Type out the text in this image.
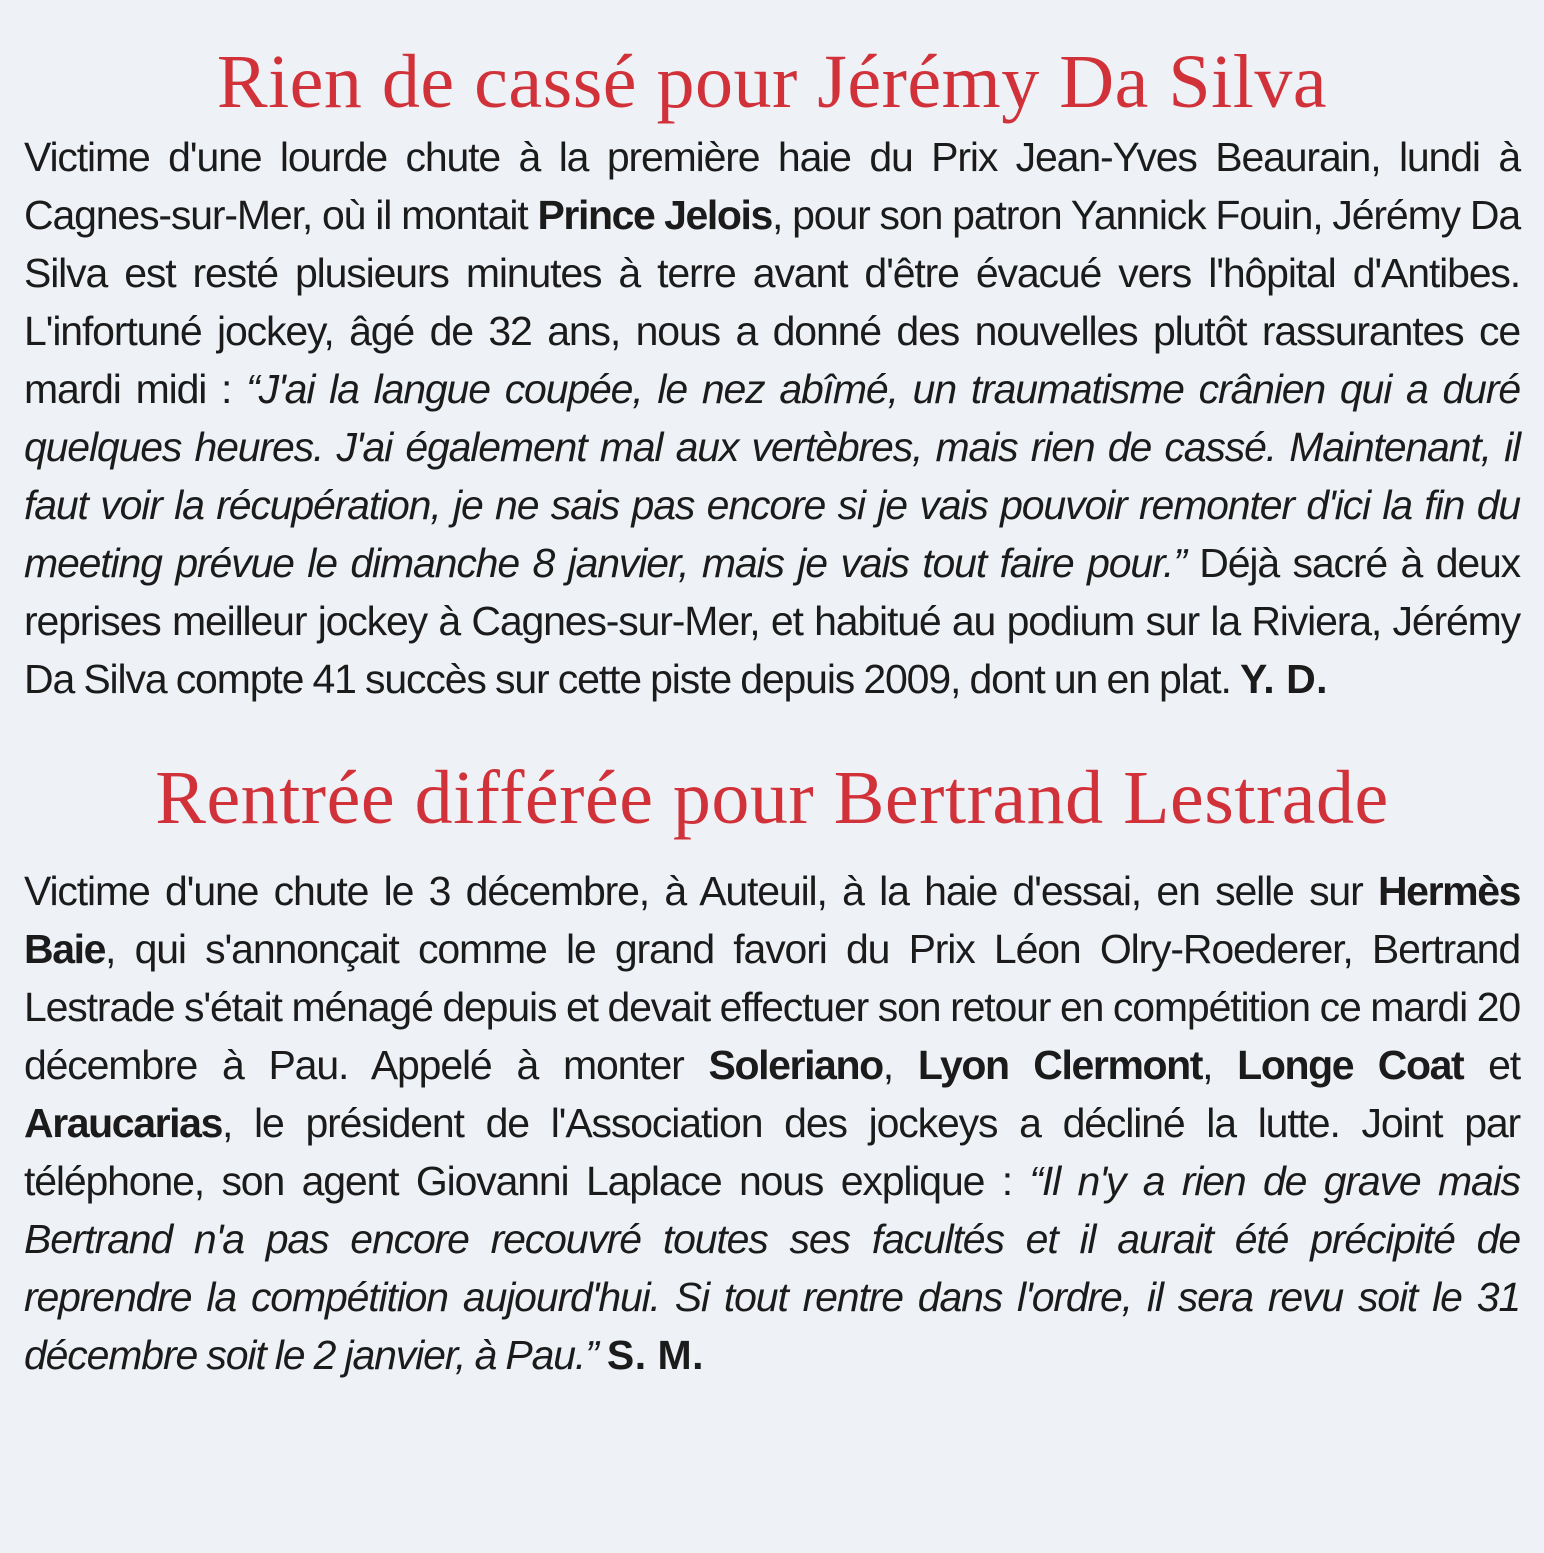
Rien de cassé pour Jérémy Da Silva

Victime d'une lourde chute à la première haie du Prix Jean-Yves Beaurain, lundi à Cagnes-sur-Mer, où il montait Prince Jelois, pour son patron Yannick Fouin, Jérémy Da Silva est resté plusieurs minutes à terre avant d'être évacué vers l'hôpital d'Antibes. L'infortuné jockey, âgé de 32 ans, nous a donné des nouvelles plutôt rassurantes ce mardi midi : “J'ai la langue coupée, le nez abîmé, un traumatisme crânien qui a duré quelques heures. J'ai également mal aux vertèbres, mais rien de cassé. Maintenant, il faut voir la récupération, je ne sais pas encore si je vais pouvoir remonter d'ici la fin du meeting prévue le dimanche 8 janvier, mais je vais tout faire pour.” Déjà sacré à deux reprises meilleur jockey à Cagnes-sur-Mer, et habitué au podium sur la Riviera, Jérémy Da Silva compte 41 succès sur cette piste depuis 2009, dont un en plat. Y. D.

Rentrée différée pour Bertrand Lestrade

Victime d'une chute le 3 décembre, à Auteuil, à la haie d'essai, en selle sur Hermès Baie, qui s'annonçait comme le grand favori du Prix Léon Olry-Roederer, Bertrand Lestrade s'était ménagé depuis et devait effectuer son retour en compétition ce mardi 20 décembre à Pau. Appelé à monter Soleriano, Lyon Clermont, Longe Coat et Araucarias, le président de l'Association des jockeys a décliné la lutte. Joint par téléphone, son agent Giovanni Laplace nous explique : “Il n'y a rien de grave mais Bertrand n'a pas encore recouvré toutes ses facultés et il aurait été précipité de reprendre la compétition aujourd'hui. Si tout rentre dans l'ordre, il sera revu soit le 31 décembre soit le 2 janvier, à Pau.” S. M.
